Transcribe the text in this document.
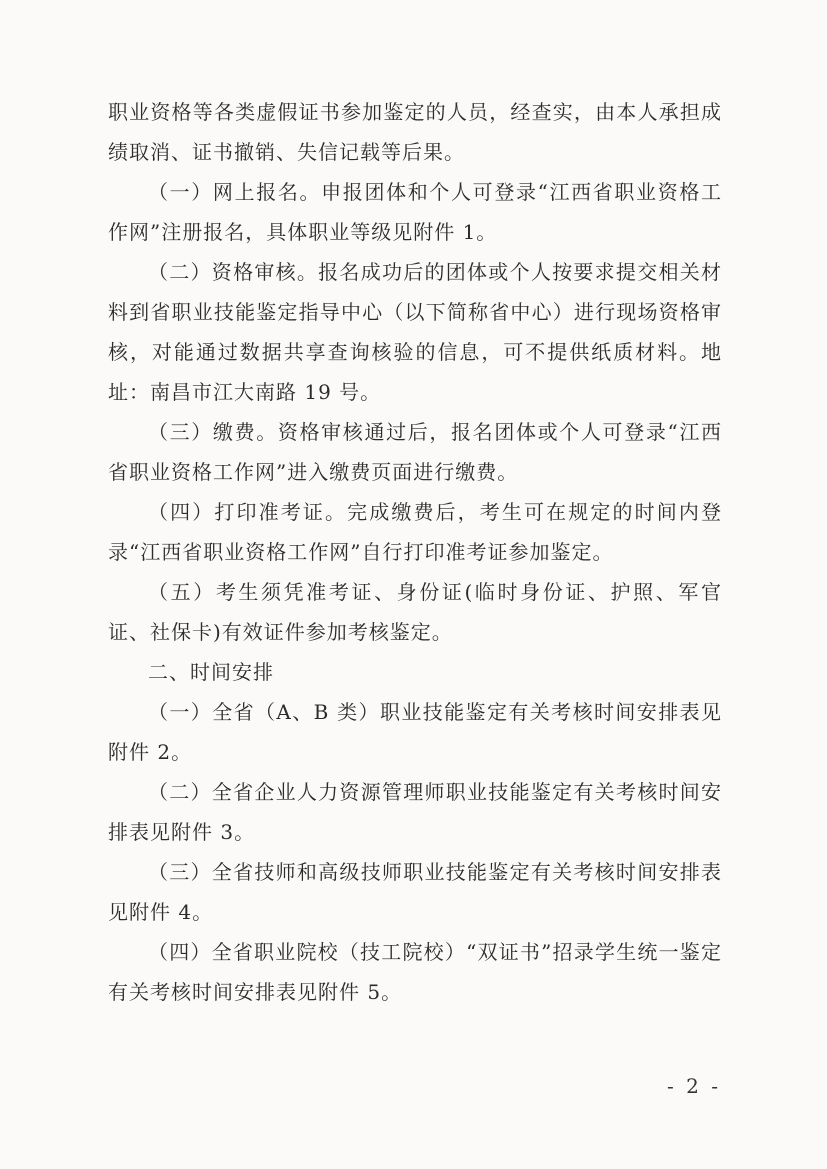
职业资格等各类虚假证书参加鉴定的人员，经查实，由本人承担成绩取消、证书撤销、失信记载等后果。

（一）网上报名。申报团体和个人可登录“江西省职业资格工作网”注册报名，具体职业等级见附件 1。

（二）资格审核。报名成功后的团体或个人按要求提交相关材料到省职业技能鉴定指导中心（以下简称省中心）进行现场资格审核，对能通过数据共享查询核验的信息，可不提供纸质材料。地址：南昌市江大南路 19 号。

（三）缴费。资格审核通过后，报名团体或个人可登录“江西省职业资格工作网”进入缴费页面进行缴费。

（四）打印准考证。完成缴费后，考生可在规定的时间内登录“江西省职业资格工作网”自行打印准考证参加鉴定。

（五）考生须凭准考证、身份证(临时身份证、护照、军官证、社保卡)有效证件参加考核鉴定。

二、时间安排

（一）全省（A、B 类）职业技能鉴定有关考核时间安排表见附件 2。

（二）全省企业人力资源管理师职业技能鉴定有关考核时间安排表见附件 3。

（三）全省技师和高级技师职业技能鉴定有关考核时间安排表见附件 4。

（四）全省职业院校（技工院校）“双证书”招录学生统一鉴定有关考核时间安排表见附件 5。

- 2 -
